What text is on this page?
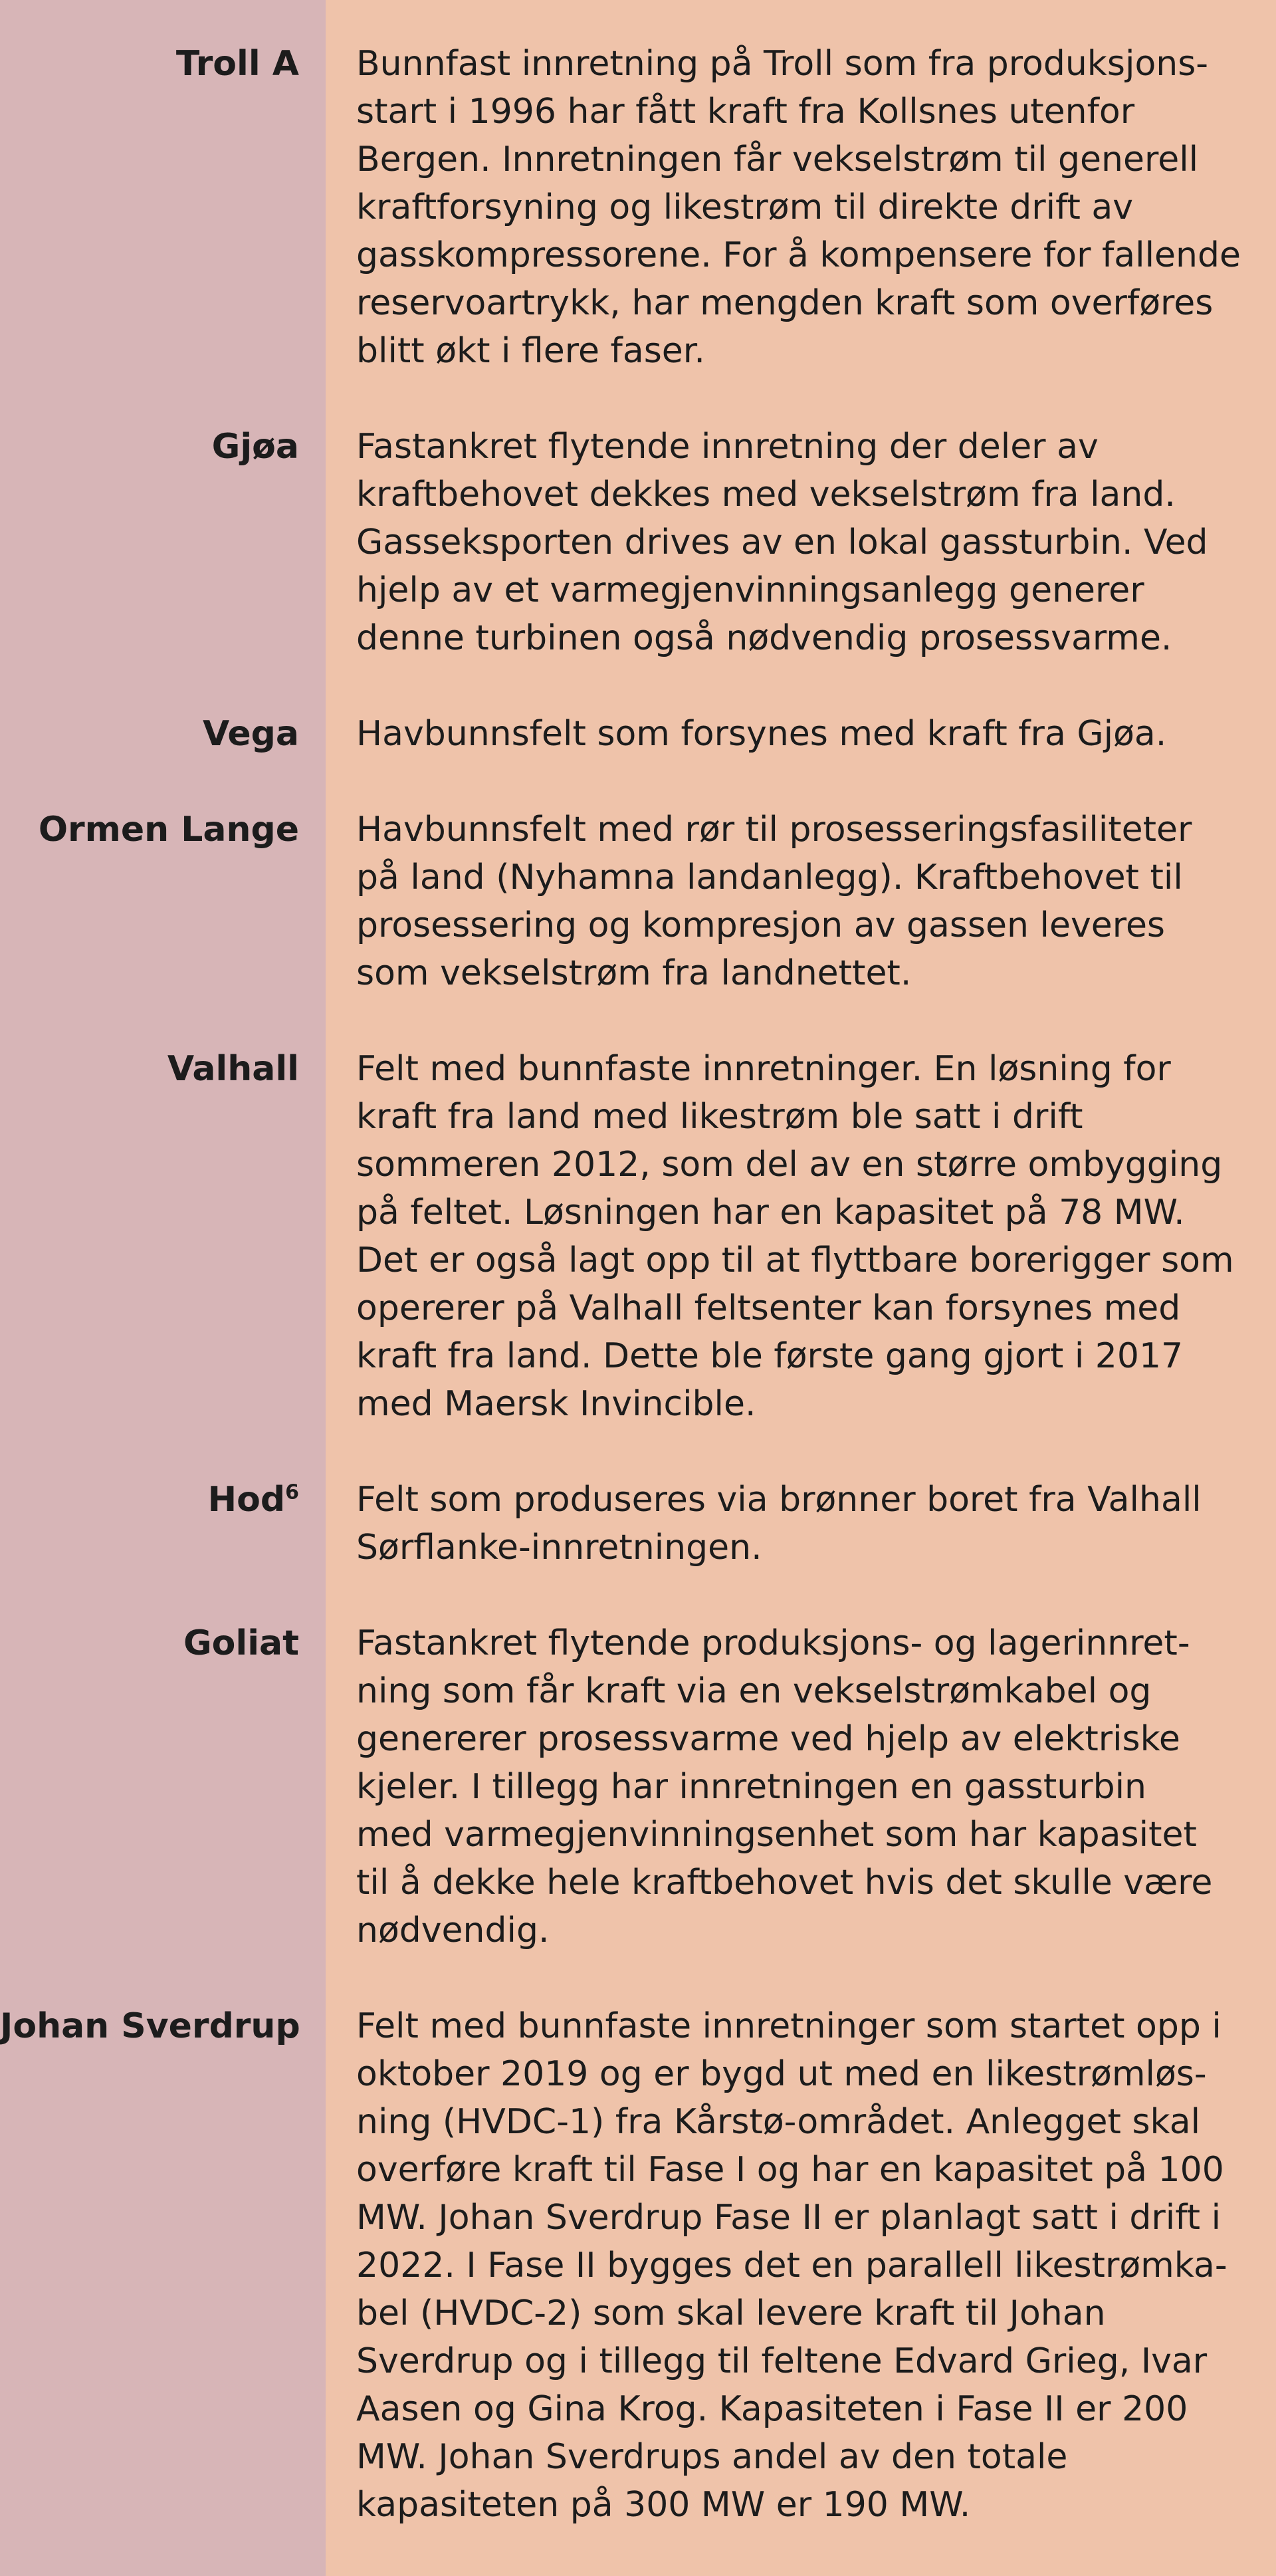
Troll A Bunnfast innretning på Troll som fra produksjons-
start i 1996 har fått kraft fra Kollsnes utenfor
Bergen. Innretningen får vekselstrøm til generell
kraftforsyning og likestrøm til direkte drift av
gasskompressorene. For å kompensere for fallende
reservoartrykk, har mengden kraft som overføres
blitt økt i flere faser.
Gjøa Fastankret flytende innretning der deler av
kraftbehovet dekkes med vekselstrøm fra land.
Gasseksporten drives av en lokal gassturbin. Ved
hjelp av et varmegjenvinningsanlegg generer
denne turbinen også nødvendig prosessvarme.
Vega Havbunnsfelt som forsynes med kraft fra Gjøa.
Ormen Lange Havbunnsfelt med rør til prosesseringsfasiliteter
på land (Nyhamna landanlegg). Kraftbehovet til
prosessering og kompresjon av gassen leveres
som vekselstrøm fra landnettet.
Valhall Felt med bunnfaste innretninger. En løsning for
kraft fra land med likestrøm ble satt i drift
sommeren 2012, som del av en større ombygging
på feltet. Løsningen har en kapasitet på 78 MW.
Det er også lagt opp til at flyttbare borerigger som
opererer på Valhall feltsenter kan forsynes med
kraft fra land. Dette ble første gang gjort i 2017
med Maersk Invincible.
Hod$^6$ Felt som produseres via brønner boret fra Valhall
Sørflanke-innretningen.
Goliat Fastankret flytende produksjons- og lagerinnret-
ning som får kraft via en vekselstrømkabel og
genererer prosessvarme ved hjelp av elektriske
kjeler. I tillegg har innretningen en gassturbin
med varmegjenvinningsenhet som har kapasitet
til å dekke hele kraftbehovet hvis det skulle være
nødvendig.
Johan Sverdrup Felt med bunnfaste innretninger som startet opp i
oktober 2019 og er bygd ut med en likestrømløs-
ning (HVDC-1) fra Kårstø-området. Anlegget skal
overføre kraft til Fase I og har en kapasitet på 100
MW. Johan Sverdrup Fase II er planlagt satt i drift i
2022. I Fase II bygges det en parallell likestrømka-
bel (HVDC-2) som skal levere kraft til Johan
Sverdrup og i tillegg til feltene Edvard Grieg, Ivar
Aasen og Gina Krog. Kapasiteten i Fase II er 200
MW. Johan Sverdrups andel av den totale
kapasiteten på 300 MW er 190 MW.
